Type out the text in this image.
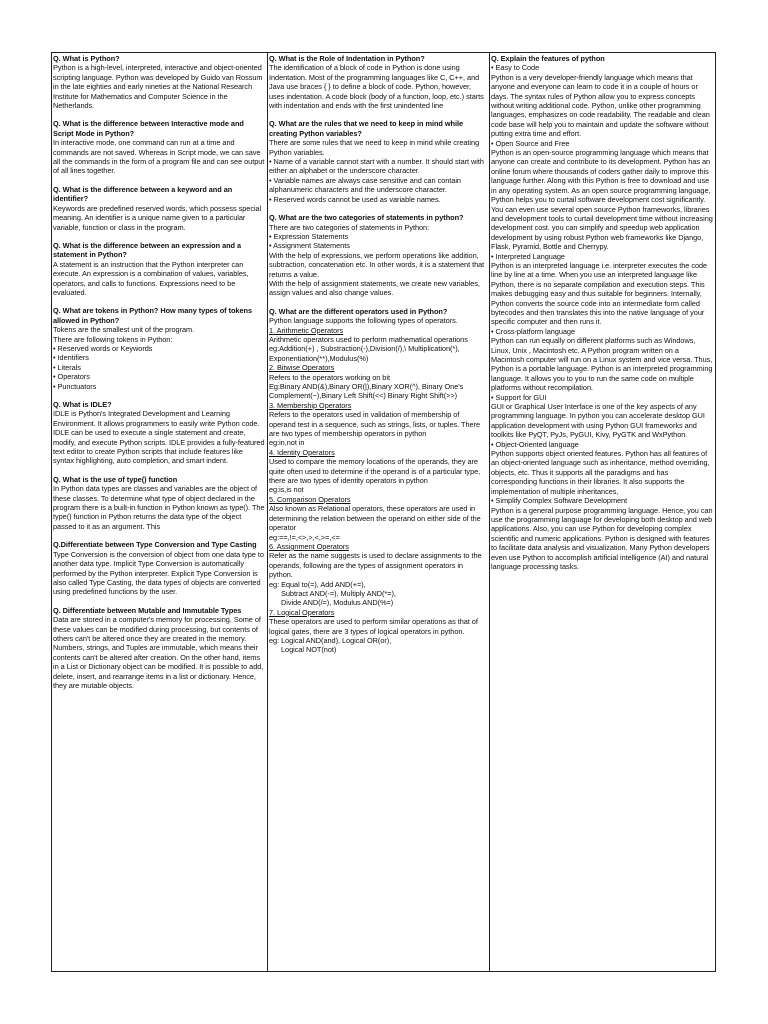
Q. What is Python?
Python is a high-level, interpreted, interactive and object-oriented scripting language. Python was developed by Guido van Rossum in the late eighties and early nineties at the National Research Institute for Mathematics and Computer Science in the Netherlands.
Q. What is the difference between Interactive mode and Script Mode in Python?
In interactive mode, one command can run at a time and commands are not saved. Whereas in Script mode, we can save all the commands in the form of a program file and can see output of all lines together.
Q. What is the difference between a keyword and an identifier?
Keywords are predefined reserved words, which possess special meaning. An identifier is a unique name given to a particular variable, function or class in the program.
Q. What is the difference between an expression and a statement in Python?
A statement is an instruction that the Python interpreter can execute. An expression is a combination of values, variables, operators, and calls to functions. Expressions need to be evaluated.
Q. What are tokens in Python? How many types of tokens allowed in Python?
Tokens are the smallest unit of the program.
There are following tokens in Python:
• Reserved words or Keywords
• Identifiers
• Literals
• Operators
• Punctuators
Q. What is IDLE?
IDLE is Python's Integrated Development and Learning Environment. It allows programmers to easily write Python code. IDLE can be used to execute a single statement and create, modify, and execute Python scripts. IDLE provides a fully-featured text editor to create Python scripts that include features like syntax highlighting, auto completion, and smart indent.
Q. What is the use of type() function
In Python data types are classes and variables are the object of these classes. To determine what type of object declared in the program there is a built-in function in Python known as type(). The type() function in Python returns the data type of the object passed to it as an argument. This
Q.Differentiate between Type Conversion and Type Casting
Type Conversion is the conversion of object from one data type to another data type. Implicit Type Conversion is automatically performed by the Python interpreter. Explicit Type Conversion is also called Type Casting, the data types of objects are converted using predefined functions by the user.
Q. Differentiate between Mutable and Immutable Types
Data are stored in a computer's memory for processing. Some of these values can be modified during processing, but contents of others can't be altered once they are created in the memory. Numbers, strings, and Tuples are immutable, which means their contents can't be altered after creation. On the other hand, items in a List or Dictionary object can be modified. It is possible to add, delete, insert, and rearrange items in a list or dictionary. Hence, they are mutable objects.
Q. What is the Role of Indentation in Python?
The identification of a block of code in Python is done using Indentation. Most of the programming languages like C, C++, and Java use braces { } to define a block of code. Python, however, uses indentation. A code block (body of a function, loop, etc.) starts with indentation and ends with the first unindented line
Q. What are the rules that we need to keep in mind while creating Python variables?
There are some rules that we need to keep in mind while creating Python variables.
• Name of a variable cannot start with a number. It should start with either an alphabet or the underscore character.
• Variable names are always case sensitive and can contain alphanumeric characters and the underscore character.
• Reserved words cannot be used as variable names.
Q. What are the two categories of statements in python?
There are two categories of statements in Python:
• Expression Statements
• Assignment Statements
With the help of expressions, we perform operations like addition, subtraction, concatenation etc. In other words, it is a statement that returns a value.
With the help of assignment statements, we create new variables, assign values and also change values.
Q. What are the different operators used in Python?
Python language supports the following types of operators.
1. Arithmetic Operators
Arithmetic operators used to perform mathematical operations
eg:Addition(+) , Substraction(-),Division(/),\ Multiplication(*), Exponentiation(**),Modulus(%)
2. Bitwise Operators
Refers to the operators working on bit
Eg:Binary AND(&),Binary OR(|),Binary XOR(^), Binary One's Complement(~),Binary Left Shift(<<) Binary Right Shift(>>)
3. Membership Operators
Refers to the operators used in validation of membership of operand test in a sequence, such as strings, lists, or tuples. There are two types of membership operators in python
eg:in,not in
4. Identity Operators
Used to compare the memory locations of the operands, they are quite often used to determine if the operand is of a particular type, there are two types of identity operators in python
eg:is,is not
5. Comparison Operators
Also known as Relational operators, these operators are used in determining the relation between the operand on either side of the operator
eg:==,!=,<>,>,<,>=,<=
6. Assignment Operators
Refer as the name suggests is used to declare assignments to the operands, following are the types of assignment operators in python.
eg: Equal to(=), Add AND(+=),
Subtract AND(-=), Multiply AND(*=),
Divide AND(/=), Modulus AND(%=)
7. Logical Operators
These operators are used to perform similar operations as that of logical gates, there are 3 types of logical operators in python.
eg: Logical AND(and), Logical OR(or),
Logical NOT(not)
Q. Explain the features of python
• Easy to Code
Python is a very developer-friendly language which means that anyone and everyone can learn to code it in a couple of hours or days. The syntax rules of Python allow you to express concepts without writing additional code. Python, unlike other programming languages, emphasizes on code readability. The readable and clean code base will help you to maintain and update the software without putting extra time and effort.
• Open Source and Free
Python is an open-source programming language which means that anyone can create and contribute to its development. Python has an online forum where thousands of coders gather daily to improve this language further. Along with this Python is free to download and use in any operating system. As an open source programming language, Python helps you to curtail software development cost significantly. You can even use several open source Python frameworks, libraries and development tools to curtail development time without increasing development cost. you can simplify and speedup web application development by using robust Python web frameworks like Django, Flask, Pyramid, Bottle and Cherrypy.
• Interpreted Language
Python is an interpreted language i.e. interpreter executes the code line by line at a time. When you use an interpreted language like Python, there is no separate compilation and execution steps. This makes debugging easy and thus suitable for beginners. Internally, Python converts the source code into an intermediate form called bytecodes and then translates this into the native language of your specific computer and then runs it.
• Cross-platform language
Python can run equally on different platforms such as Windows, Linux, Unix , Macintosh etc. A Python program written on a Macintosh computer will run on a Linux system and vice versa. Thus, Python is a portable language. Python is an interpreted programming language. It allows you to you to run the same code on multiple platforms without recompilation.
• Support for GUI
GUI or Graphical User Interface is one of the key aspects of any programming language. In python you can accelerate desktop GUI application development with using Python GUI frameworks and toolkits like PyQT, PyJs, PyGUI, Kivy, PyGTK and WxPython.
• Object-Oriented language
Python supports object oriented features. Python has all features of an object-oriented language such as inheritance, method overriding, objects, etc. Thus it supports all the paradigms and has corresponding functions in their libraries. It also supports the implementation of multiple inheritances,
• Simplify Complex Software Development
Python is a general purpose programming language. Hence, you can use the programming language for developing both desktop and web applications. Also, you can use Python for developing complex scientific and numeric applications. Python is designed with features to facilitate data analysis and visualization. Many Python developers even use Python to accomplish artificial intelligence (AI) and natural language processing tasks.
